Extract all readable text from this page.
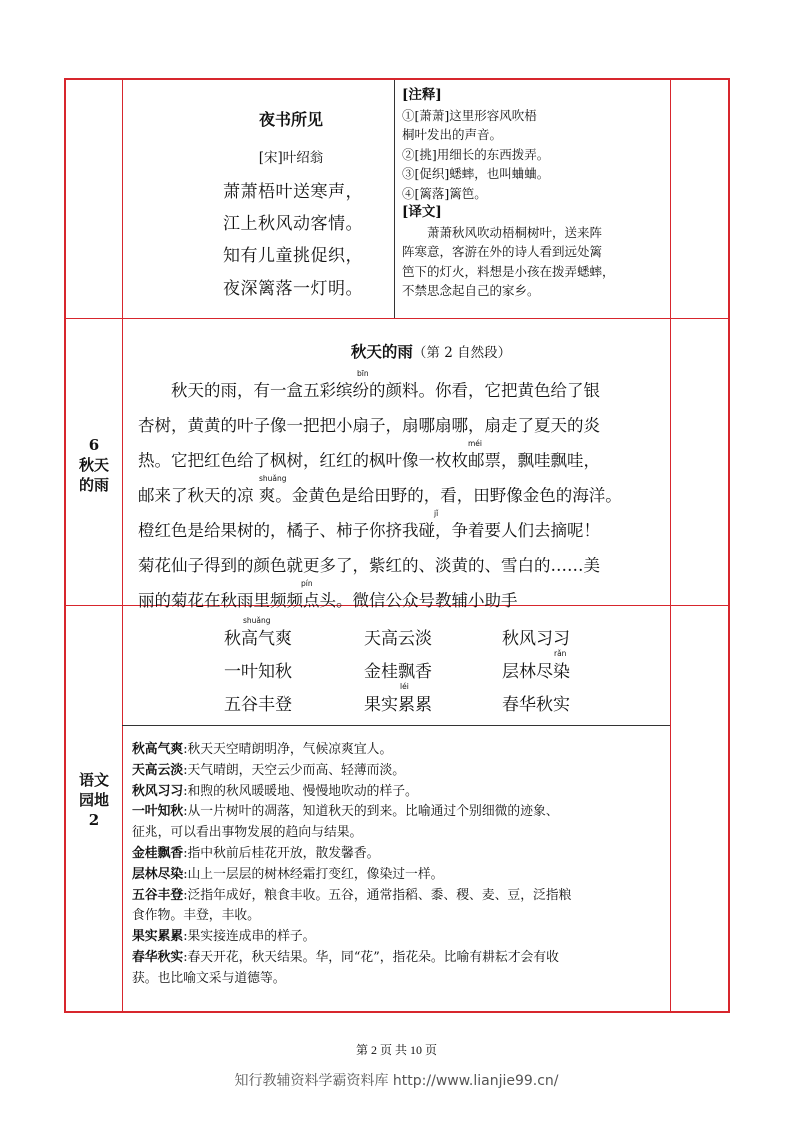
夜书所见
[宋]叶绍翁
萧萧梧叶送寒声，
江上秋风动客情。
知有儿童挑促织，
夜深篱落一灯明。
[注释]
①[萧萧]这里形容风吹梧
桐叶发出的声音。
②[挑]用细长的东西拨弄。
③[促织]蟋蟀，也叫蛐蛐。
④[篱落]篱笆。
[译文]
萧萧秋风吹动梧桐树叶，送来阵
阵寒意，客游在外的诗人看到远处篱
笆下的灯火，料想是小孩在拨弄蟋蟀，
不禁思念起自己的家乡。
6
秋天
的雨
秋天的雨（第 2 自然段）
秋天的雨，有一盒五彩缤纷的颜料。你看，它把黄色给了银
杏树，黄黄的叶子像一把把小扇子，扇哪扇哪，扇走了夏天的炎
热。它把红色给了枫树，红红的枫叶像一枚枚邮票，飘哇飘哇，
邮来了秋天的凉 爽。金黄色是给田野的，看，田野像金色的海洋。
橙红色是给果树的，橘子、柿子你挤我碰，争着要人们去摘呢！
菊花仙子得到的颜色就更多了，紫红的、淡黄的、雪白的……美
丽的菊花在秋雨里频频点头。微信公众号教辅小助手
bīn
méi
shuǎng
jǐ
pín
语文
园地
2
秋高气爽	天高云淡	秋风习习
一叶知秋	金桂飘香	层林尽染
五谷丰登	果实累累	春华秋实
shuǎng
rǎn
léi
秋高气爽:秋天天空晴朗明净，气候凉爽宜人。
天高云淡:天气晴朗，天空云少而高、轻薄而淡。
秋风习习:和煦的秋风暖暖地、慢慢地吹动的样子。
一叶知秋:从一片树叶的凋落，知道秋天的到来。比喻通过个别细微的迹象、
征兆，可以看出事物发展的趋向与结果。
金桂飘香:指中秋前后桂花开放，散发馨香。
层林尽染:山上一层层的树林经霜打变红，像染过一样。
五谷丰登:泛指年成好，粮食丰收。五谷，通常指稻、黍、稷、麦、豆，泛指粮
食作物。丰登，丰收。
果实累累:果实接连成串的样子。
春华秋实:春天开花，秋天结果。华，同“花”，指花朵。比喻有耕耘才会有收
获。也比喻文采与道德等。
第 2 页 共 10 页
知行教辅资料学霸资料库 http://www.lianjie99.cn/
